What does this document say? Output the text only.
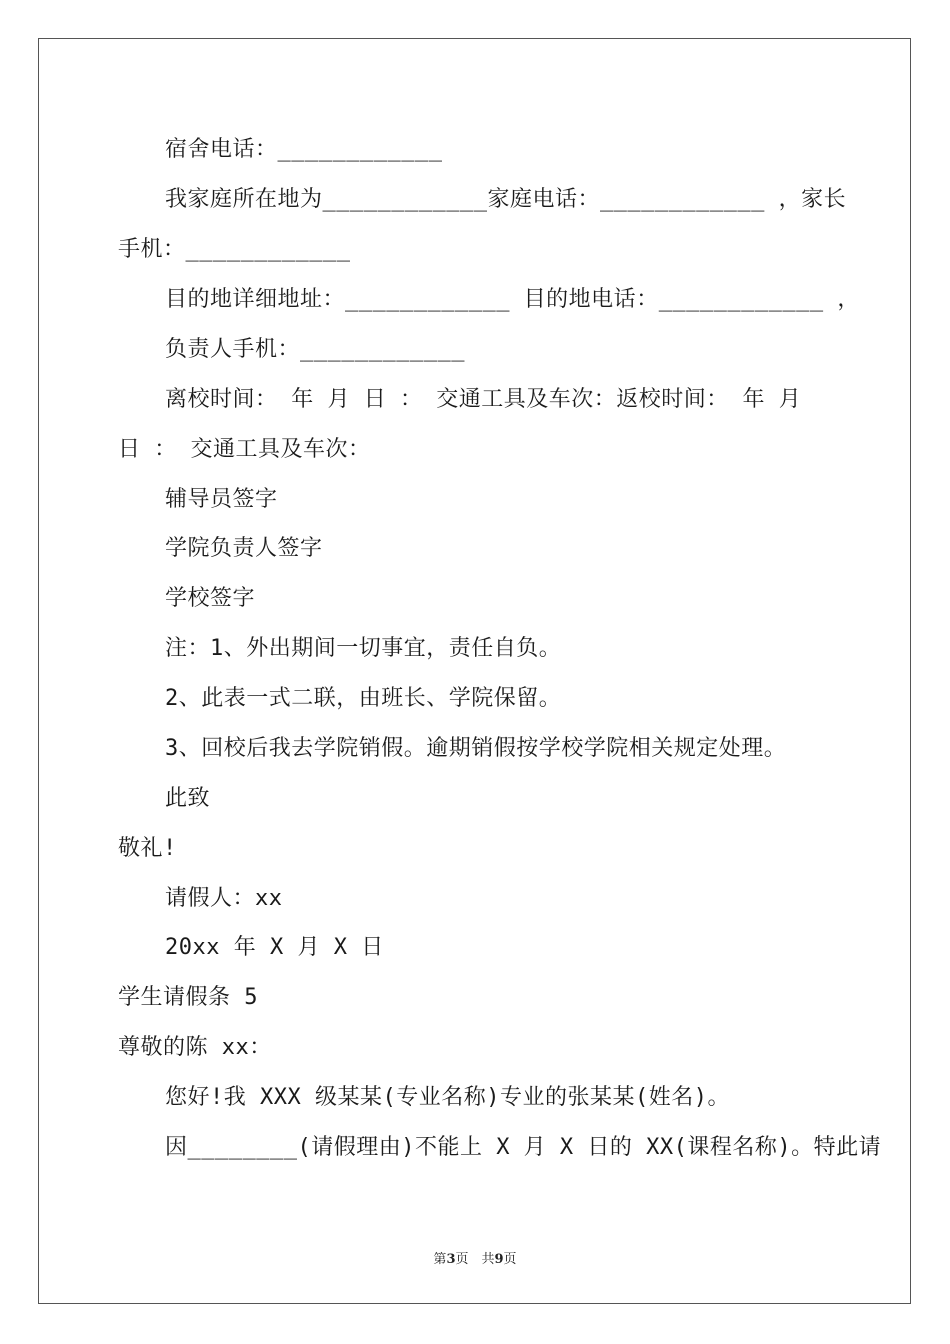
宿舍电话：____________
我家庭所在地为____________家庭电话：____________ ，家长
手机：____________
目的地详细地址：____________ 目的地电话：____________ ，
负责人手机：____________
离校时间： 年 月 日 ： 交通工具及车次：返校时间： 年 月
日 ： 交通工具及车次：
辅导员签字
学院负责人签字
学校签字
注：1、外出期间一切事宜，责任自负。
2、此表一式二联，由班长、学院保留。
3、回校后我去学院销假。逾期销假按学校学院相关规定处理。
此致
敬礼!
请假人：xx
20xx 年 X 月 X 日
学生请假条 5
尊敬的陈 xx：
您好!我 XXX 级某某(专业名称)专业的张某某(姓名)。
因________(请假理由)不能上 X 月 X 日的 XX(课程名称)。特此请
第3页　共9页
